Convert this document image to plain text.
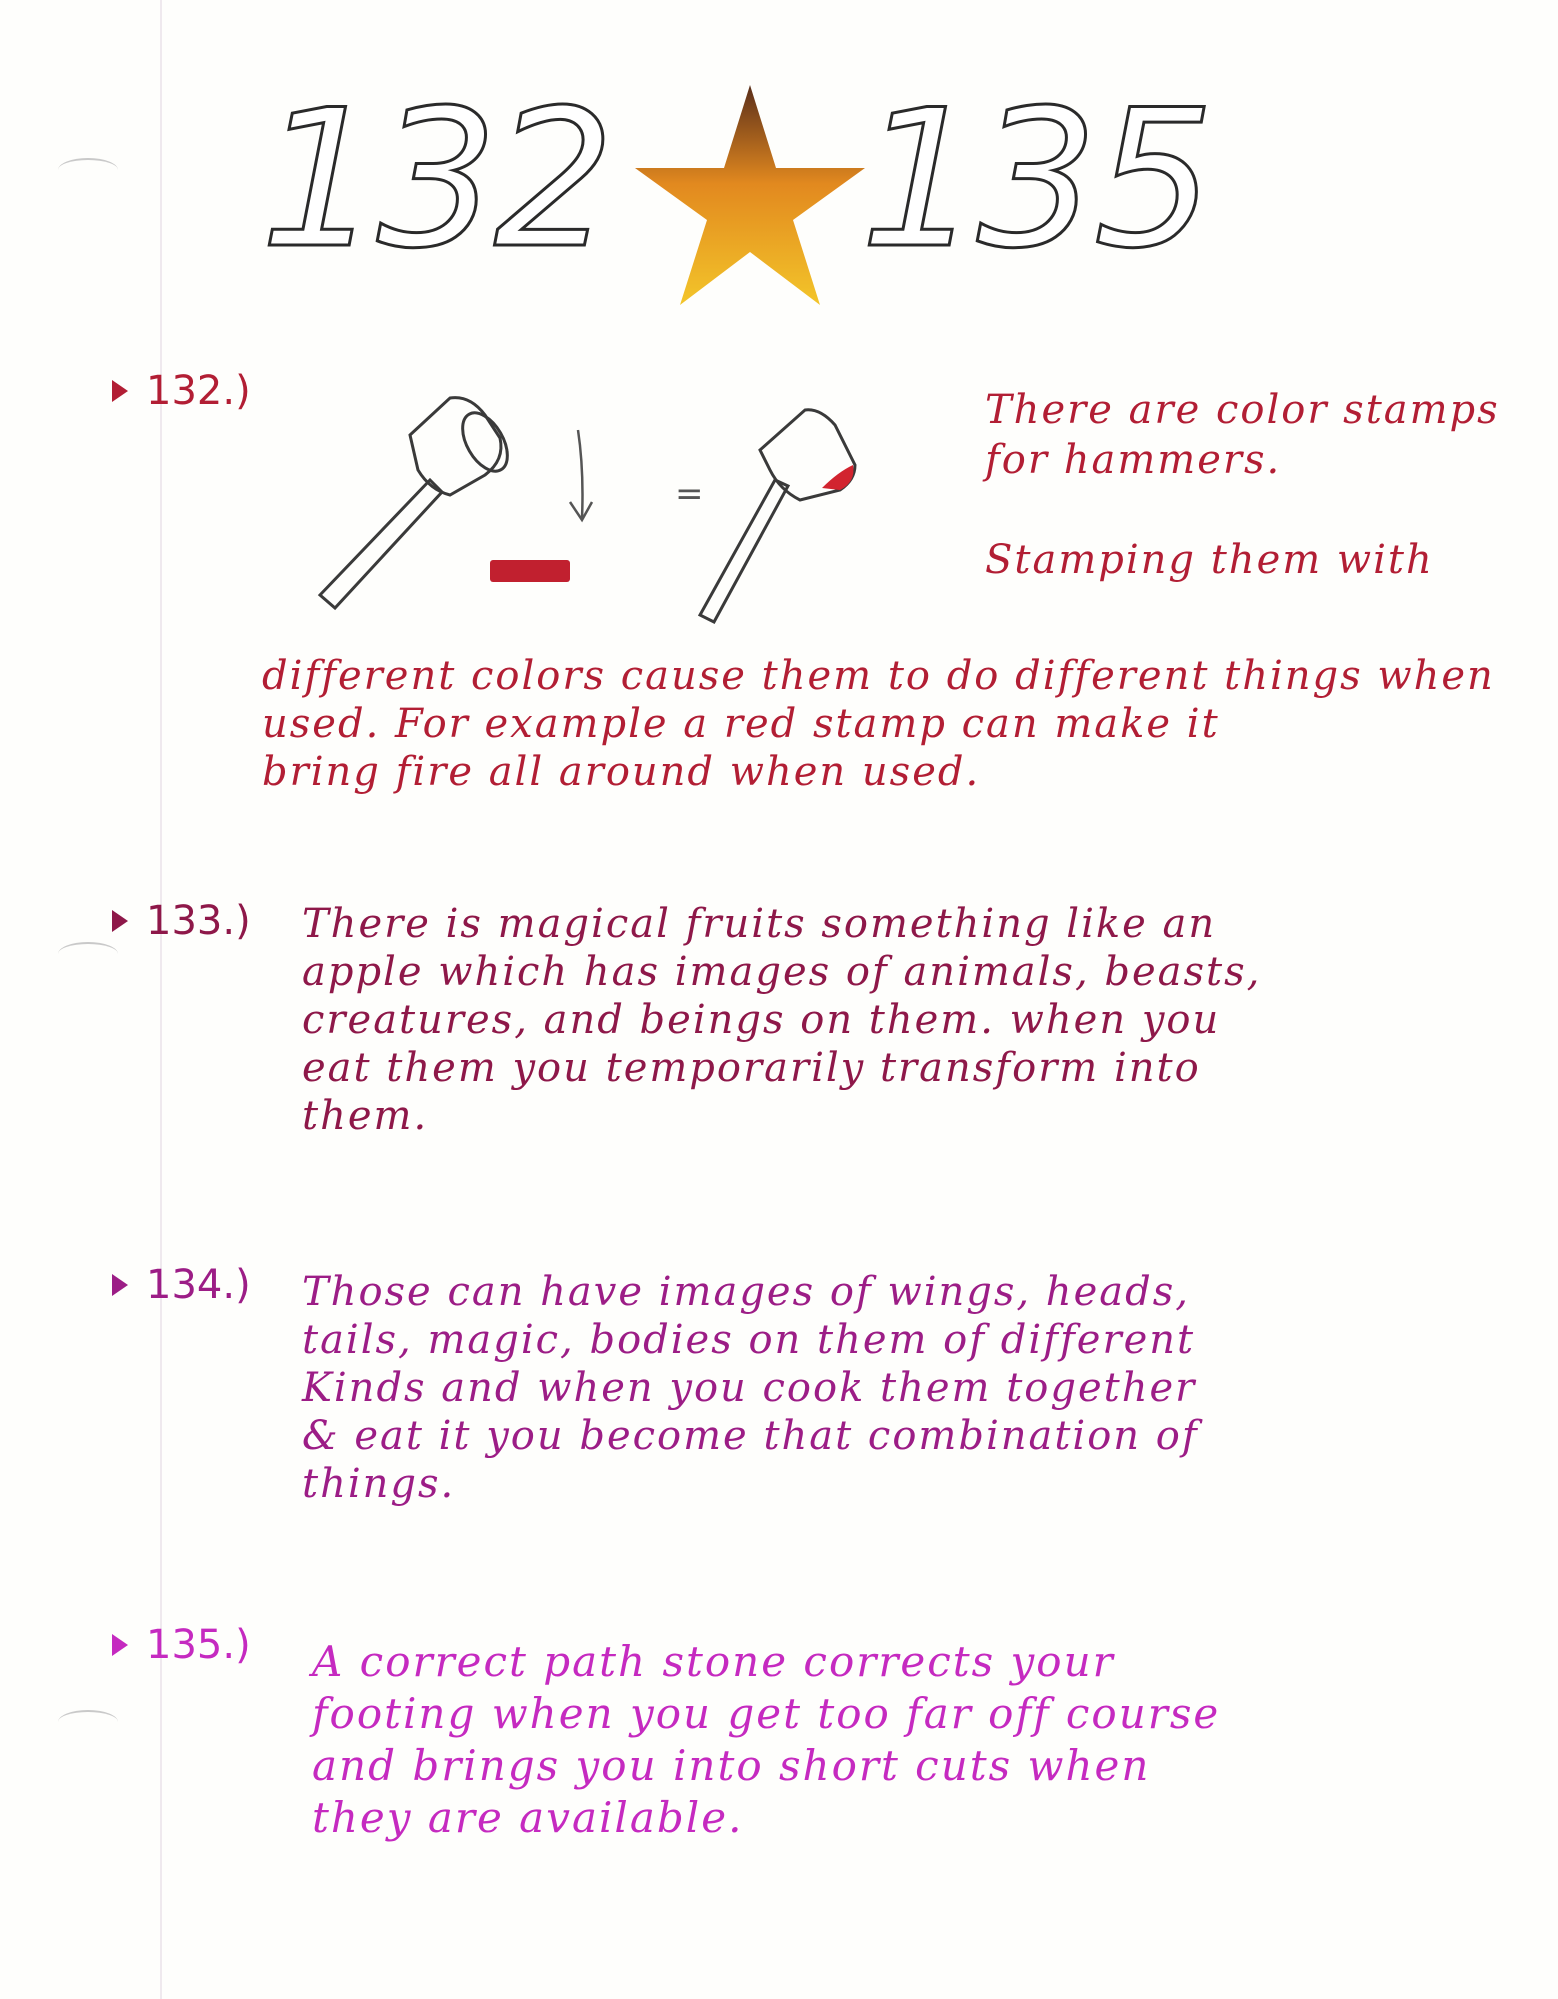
132 135
132.)
=
There are color stamps
for hammers.

Stamping them with
different colors cause them to do different things when
used. For example a red stamp can make it
bring fire all around when used.
133.) There is magical fruits something like an
apple which has images of animals, beasts,
creatures, and beings on them. when you
eat them you temporarily transform into
them.
134.) Those can have images of wings, heads,
tails, magic, bodies on them of different
Kinds and when you cook them together
& eat it you become that combination of
things.
135.) A correct path stone corrects your
footing when you get too far off course
and brings you into short cuts when
they are available.
